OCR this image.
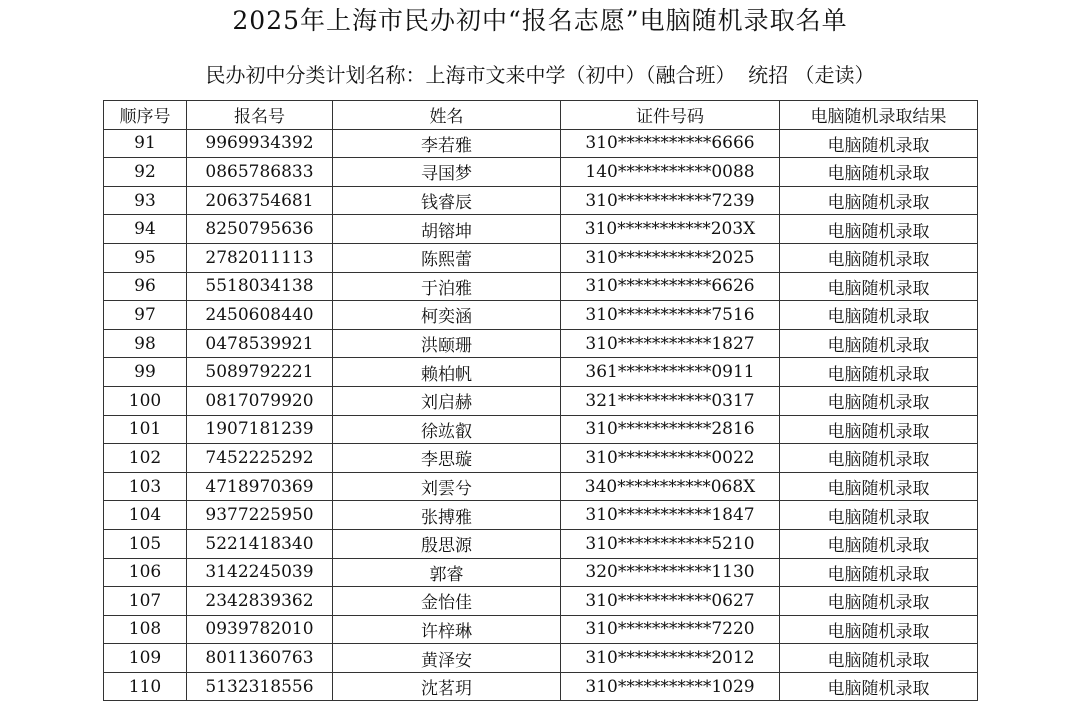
2025年上海市民办初中“报名志愿”电脑随机录取名单
民办初中分类计划名称：上海市文来中学（初中）（融合班）  统招 （走读）
顺序号	报名号	姓名	证件号码	电脑随机录取结果
91	9969934392	李若雅	310***********6666	电脑随机录取
92	0865786833	寻国梦	140***********0088	电脑随机录取
93	2063754681	钱睿辰	310***********7239	电脑随机录取
94	8250795636	胡镕坤	310***********203X	电脑随机录取
95	2782011113	陈熙蕾	310***********2025	电脑随机录取
96	5518034138	于泊雅	310***********6626	电脑随机录取
97	2450608440	柯奕涵	310***********7516	电脑随机录取
98	0478539921	洪颐珊	310***********1827	电脑随机录取
99	5089792221	赖柏帆	361***********0911	电脑随机录取
100	0817079920	刘启赫	321***********0317	电脑随机录取
101	1907181239	徐竑叡	310***********2816	电脑随机录取
102	7452225292	李思璇	310***********0022	电脑随机录取
103	4718970369	刘雲兮	340***********068X	电脑随机录取
104	9377225950	张搏雅	310***********1847	电脑随机录取
105	5221418340	殷思源	310***********5210	电脑随机录取
106	3142245039	郭睿	320***********1130	电脑随机录取
107	2342839362	金怡佳	310***********0627	电脑随机录取
108	0939782010	许梓琳	310***********7220	电脑随机录取
109	8011360763	黄泽安	310***********2012	电脑随机录取
110	5132318556	沈茗玥	310***********1029	电脑随机录取
